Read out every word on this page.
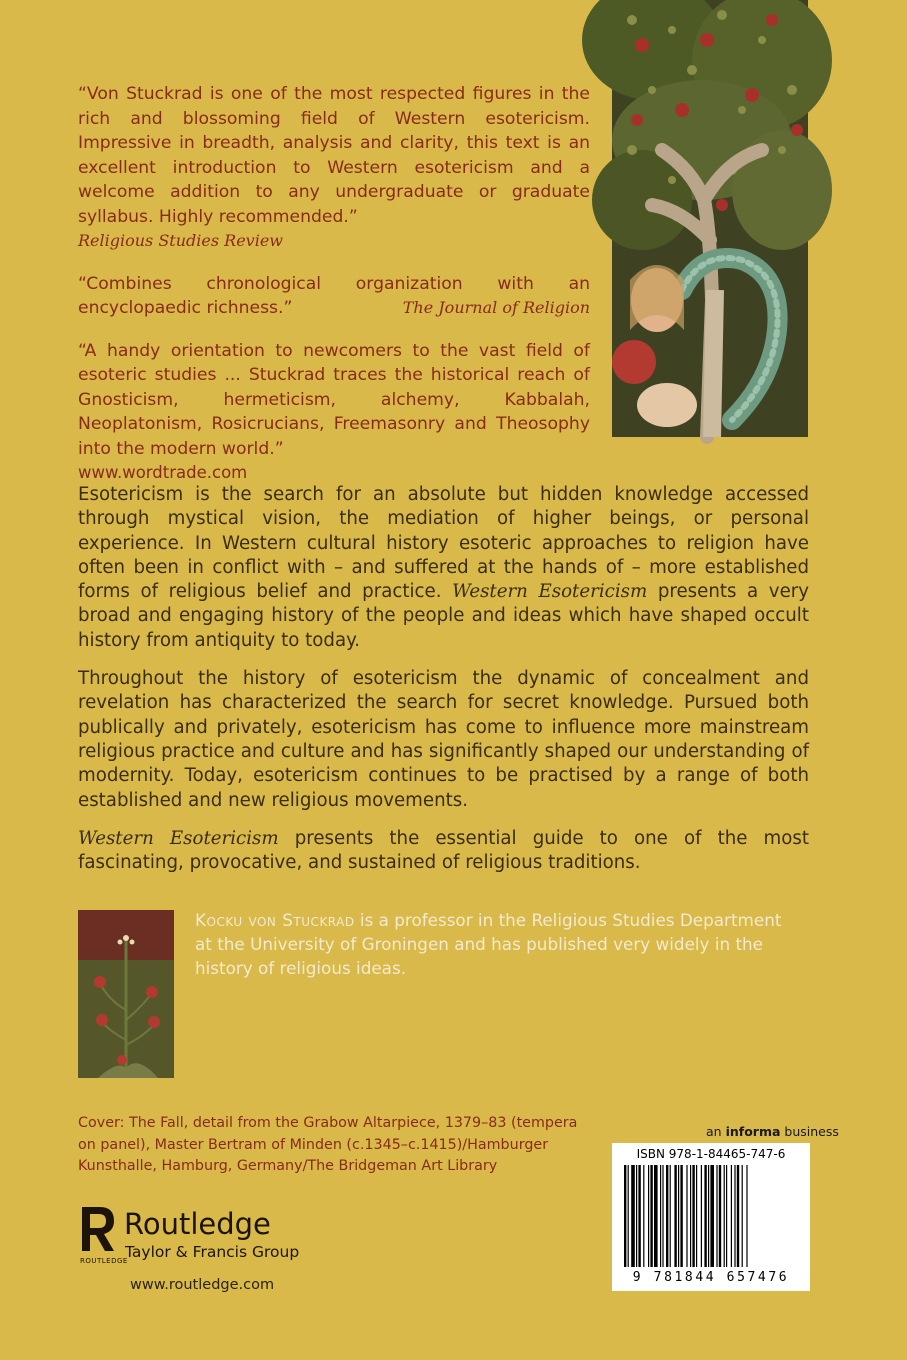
“Von Stuckrad is one of the most respected figures in the rich and blossoming field of Western esotericism. Impressive in breadth, analysis and clarity, this text is an excellent introduction to Western esotericism and a welcome addition to any undergraduate or graduate syllabus. Highly recommended.”
Religious Studies Review

“Combines chronological organization with an encyclopaedic richness.”	The Journal of Religion

“A handy orientation to newcomers to the vast field of esoteric studies ... Stuckrad traces the historical reach of Gnosticism, hermeticism, alchemy, Kabbalah, Neoplatonism, Rosicrucians, Freemasonry and Theosophy into the modern world.”
www.wordtrade.com

Esotericism is the search for an absolute but hidden knowledge accessed through mystical vision, the mediation of higher beings, or personal experience. In Western cultural history esoteric approaches to religion have often been in conflict with – and suffered at the hands of – more established forms of religious belief and practice. Western Esotericism presents a very broad and engaging history of the people and ideas which have shaped occult history from antiquity to today.

Throughout the history of esotericism the dynamic of concealment and revelation has characterized the search for secret knowledge. Pursued both publically and privately, esotericism has come to influence more mainstream religious practice and culture and has significantly shaped our understanding of modernity. Today, esotericism continues to be practised by a range of both established and new religious movements.

Western Esotericism presents the essential guide to one of the most fascinating, provocative, and sustained of religious traditions.

Kocku von Stuckrad is a professor in the Religious Studies Department at the University of Groningen and has published very widely in the history of religious ideas.
Cover: The Fall, detail from the Grabow Altarpiece, 1379–83 (tempera on panel), Master Bertram of Minden (c.1345–c.1415)/Hamburger Kunsthalle, Hamburg, Germany/The Bridgeman Art Library
an informa business
ISBN 978-1-84465-747-6
9 781844 657476
ROUTLEDGE
Routledge
Taylor & Francis Group
www.routledge.com
